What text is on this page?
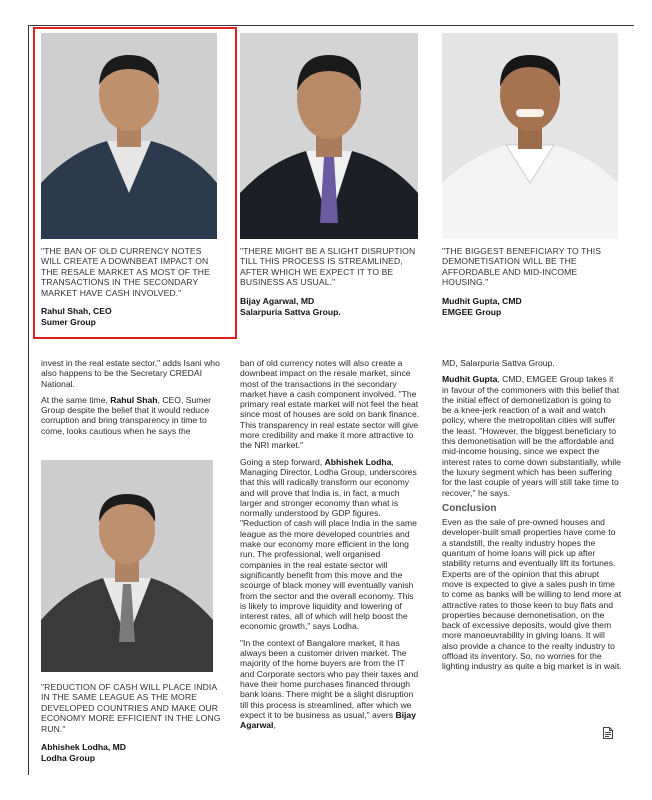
"THE BAN OF OLD CURRENCY NOTES WILL CREATE A DOWNBEAT IMPACT ON THE RESALE MARKET AS MOST OF THE TRANSACTIONS IN THE SECONDARY MARKET HAVE CASH INVOLVED."
Rahul Shah, CEO
Sumer Group
"THERE MIGHT BE A SLIGHT DISRUPTION TILL THIS PROCESS IS STREAMLINED, AFTER WHICH WE EXPECT IT TO BE BUSINESS AS USUAL."
Bijay Agarwal, MD
Salarpuria Sattva Group.
"THE BIGGEST BENEFICIARY TO THIS DEMONETISATION WILL BE THE AFFORDABLE AND MID-INCOME HOUSING."
Mudhit Gupta, CMD
EMGEE Group

invest in the real estate sector," adds Isani who also happens to be the Secretary CREDAI National.

At the same time, Rahul Shah, CEO, Sumer Group despite the belief that it would reduce corruption and bring transparency in time to come, looks cautious when he says the

"REDUCTION OF CASH WILL PLACE INDIA IN THE SAME LEAGUE AS THE MORE DEVELOPED COUNTRIES AND MAKE OUR ECONOMY MORE EFFICIENT IN THE LONG RUN."
Abhishek Lodha, MD
Lodha Group

ban of old currency notes will also create a downbeat impact on the resale market, since most of the transactions in the secondary market have a cash component involved. "The primary real estate market will not feel the heat since most of houses are sold on bank finance. This transparency in real estate sector will give more credibility and make it more attractive to the NRI market."

Going a step forward, Abhishek Lodha, Managing Director, Lodha Group, underscores that this will radically transform our economy and will prove that India is, in fact, a much larger and stronger economy than what is normally understood by GDP figures. "Reduction of cash will place India in the same league as the more developed countries and make our economy more efficient in the long run. The professional, well organised companies in the real estate sector will significantly benefit from this move and the scourge of black money will eventually vanish from the sector and the overall economy. This is likely to improve liquidity and lowering of interest rates, all of which will help boost the economic growth," says Lodha.

"In the context of Bangalore market, it has always been a customer driven market. The majority of the home buyers are from the IT and Corporate sectors who pay their taxes and have their home purchases financed through bank loans. There might be a slight disruption till this process is streamlined, after which we expect it to be business as usual," avers Bijay Agarwal,

MD, Salarpuria Sattva Group.

Mudhit Gupta, CMD, EMGEE Group takes it in favour of the commoners with this belief that the initial effect of demonetization is going to be a knee-jerk reaction of a wait and watch policy, where the metropolitan cities will suffer the least. "However, the biggest beneficiary to this demonetisation will be the affordable and mid-income housing, since we expect the interest rates to come down substantially, while the luxury segment which has been suffering for the last couple of years will still take time to recover," he says.

Conclusion

Even as the sale of pre-owned houses and developer-built small properties have come to a standstill, the realty industry hopes the quantum of home loans will pick up after stability returns and eventually lift its fortunes. Experts are of the opinion that this abrupt move is expected to give a sales push in time to come as banks will be willing to lend more at attractive rates to those keen to buy flats and properties because demonetisation, on the back of excessive deposits, would give them more manoeuvrability in giving loans. It will also provide a chance to the realty industry to offload its inventory. So, no worries for the lighting industry as quite a big market is in wait.
